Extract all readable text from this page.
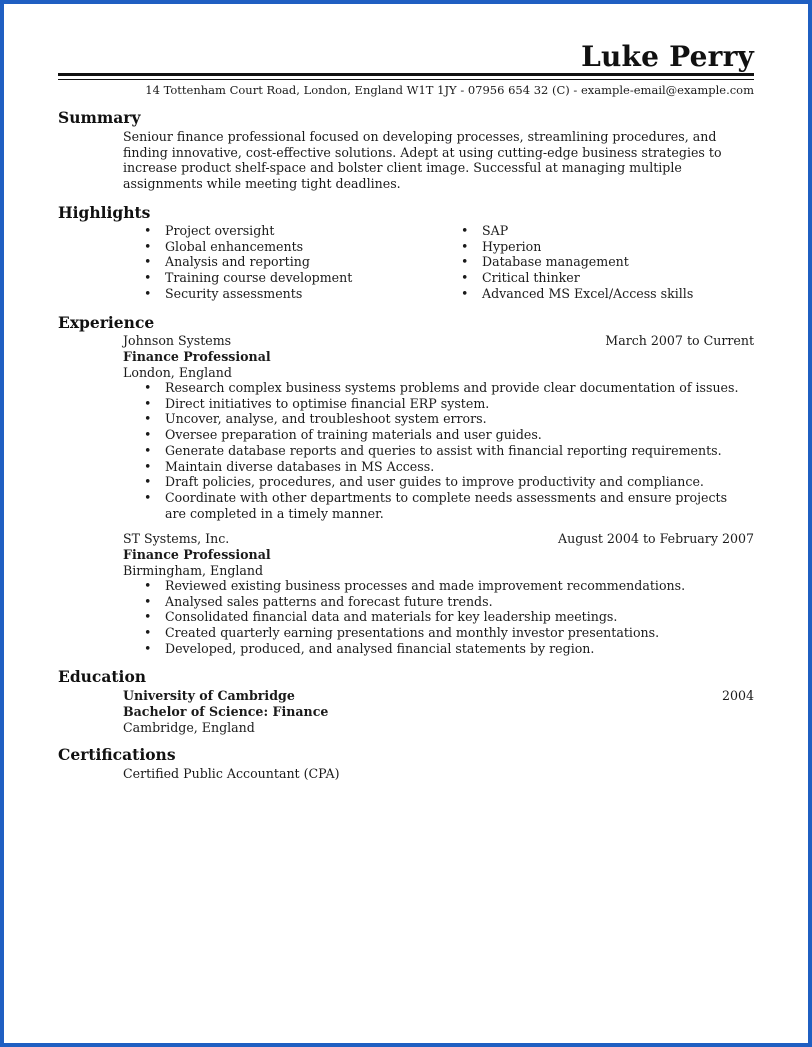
Luke Perry
14 Tottenham Court Road, London, England W1T 1JY - 07956 654 32 (C) - example-email@example.com
Summary
Seniour finance professional focused on developing processes, streamlining procedures, and
finding innovative, cost-effective solutions. Adept at using cutting-edge business strategies to
increase product shelf-space and bolster client image. Successful at managing multiple
assignments while meeting tight deadlines.
Highlights
• Project oversight
• Global enhancements
• Analysis and reporting
• Training course development
• Security assessments
• SAP
• Hyperion
• Database management
• Critical thinker
• Advanced MS Excel/Access skills
Experience
Johnson Systems	March 2007 to Current
Finance Professional
London, England
• Research complex business systems problems and provide clear documentation of issues.
• Direct initiatives to optimise financial ERP system.
• Uncover, analyse, and troubleshoot system errors.
• Oversee preparation of training materials and user guides.
• Generate database reports and queries to assist with financial reporting requirements.
• Maintain diverse databases in MS Access.
• Draft policies, procedures, and user guides to improve productivity and compliance.
• Coordinate with other departments to complete needs assessments and ensure projects are completed in a timely manner.
ST Systems, Inc.	August 2004 to February 2007
Finance Professional
Birmingham, England
• Reviewed existing business processes and made improvement recommendations.
• Analysed sales patterns and forecast future trends.
• Consolidated financial data and materials for key leadership meetings.
• Created quarterly earning presentations and monthly investor presentations.
• Developed, produced, and analysed financial statements by region.
Education
University of Cambridge	2004
Bachelor of Science: Finance
Cambridge, England
Certifications
Certified Public Accountant (CPA)
